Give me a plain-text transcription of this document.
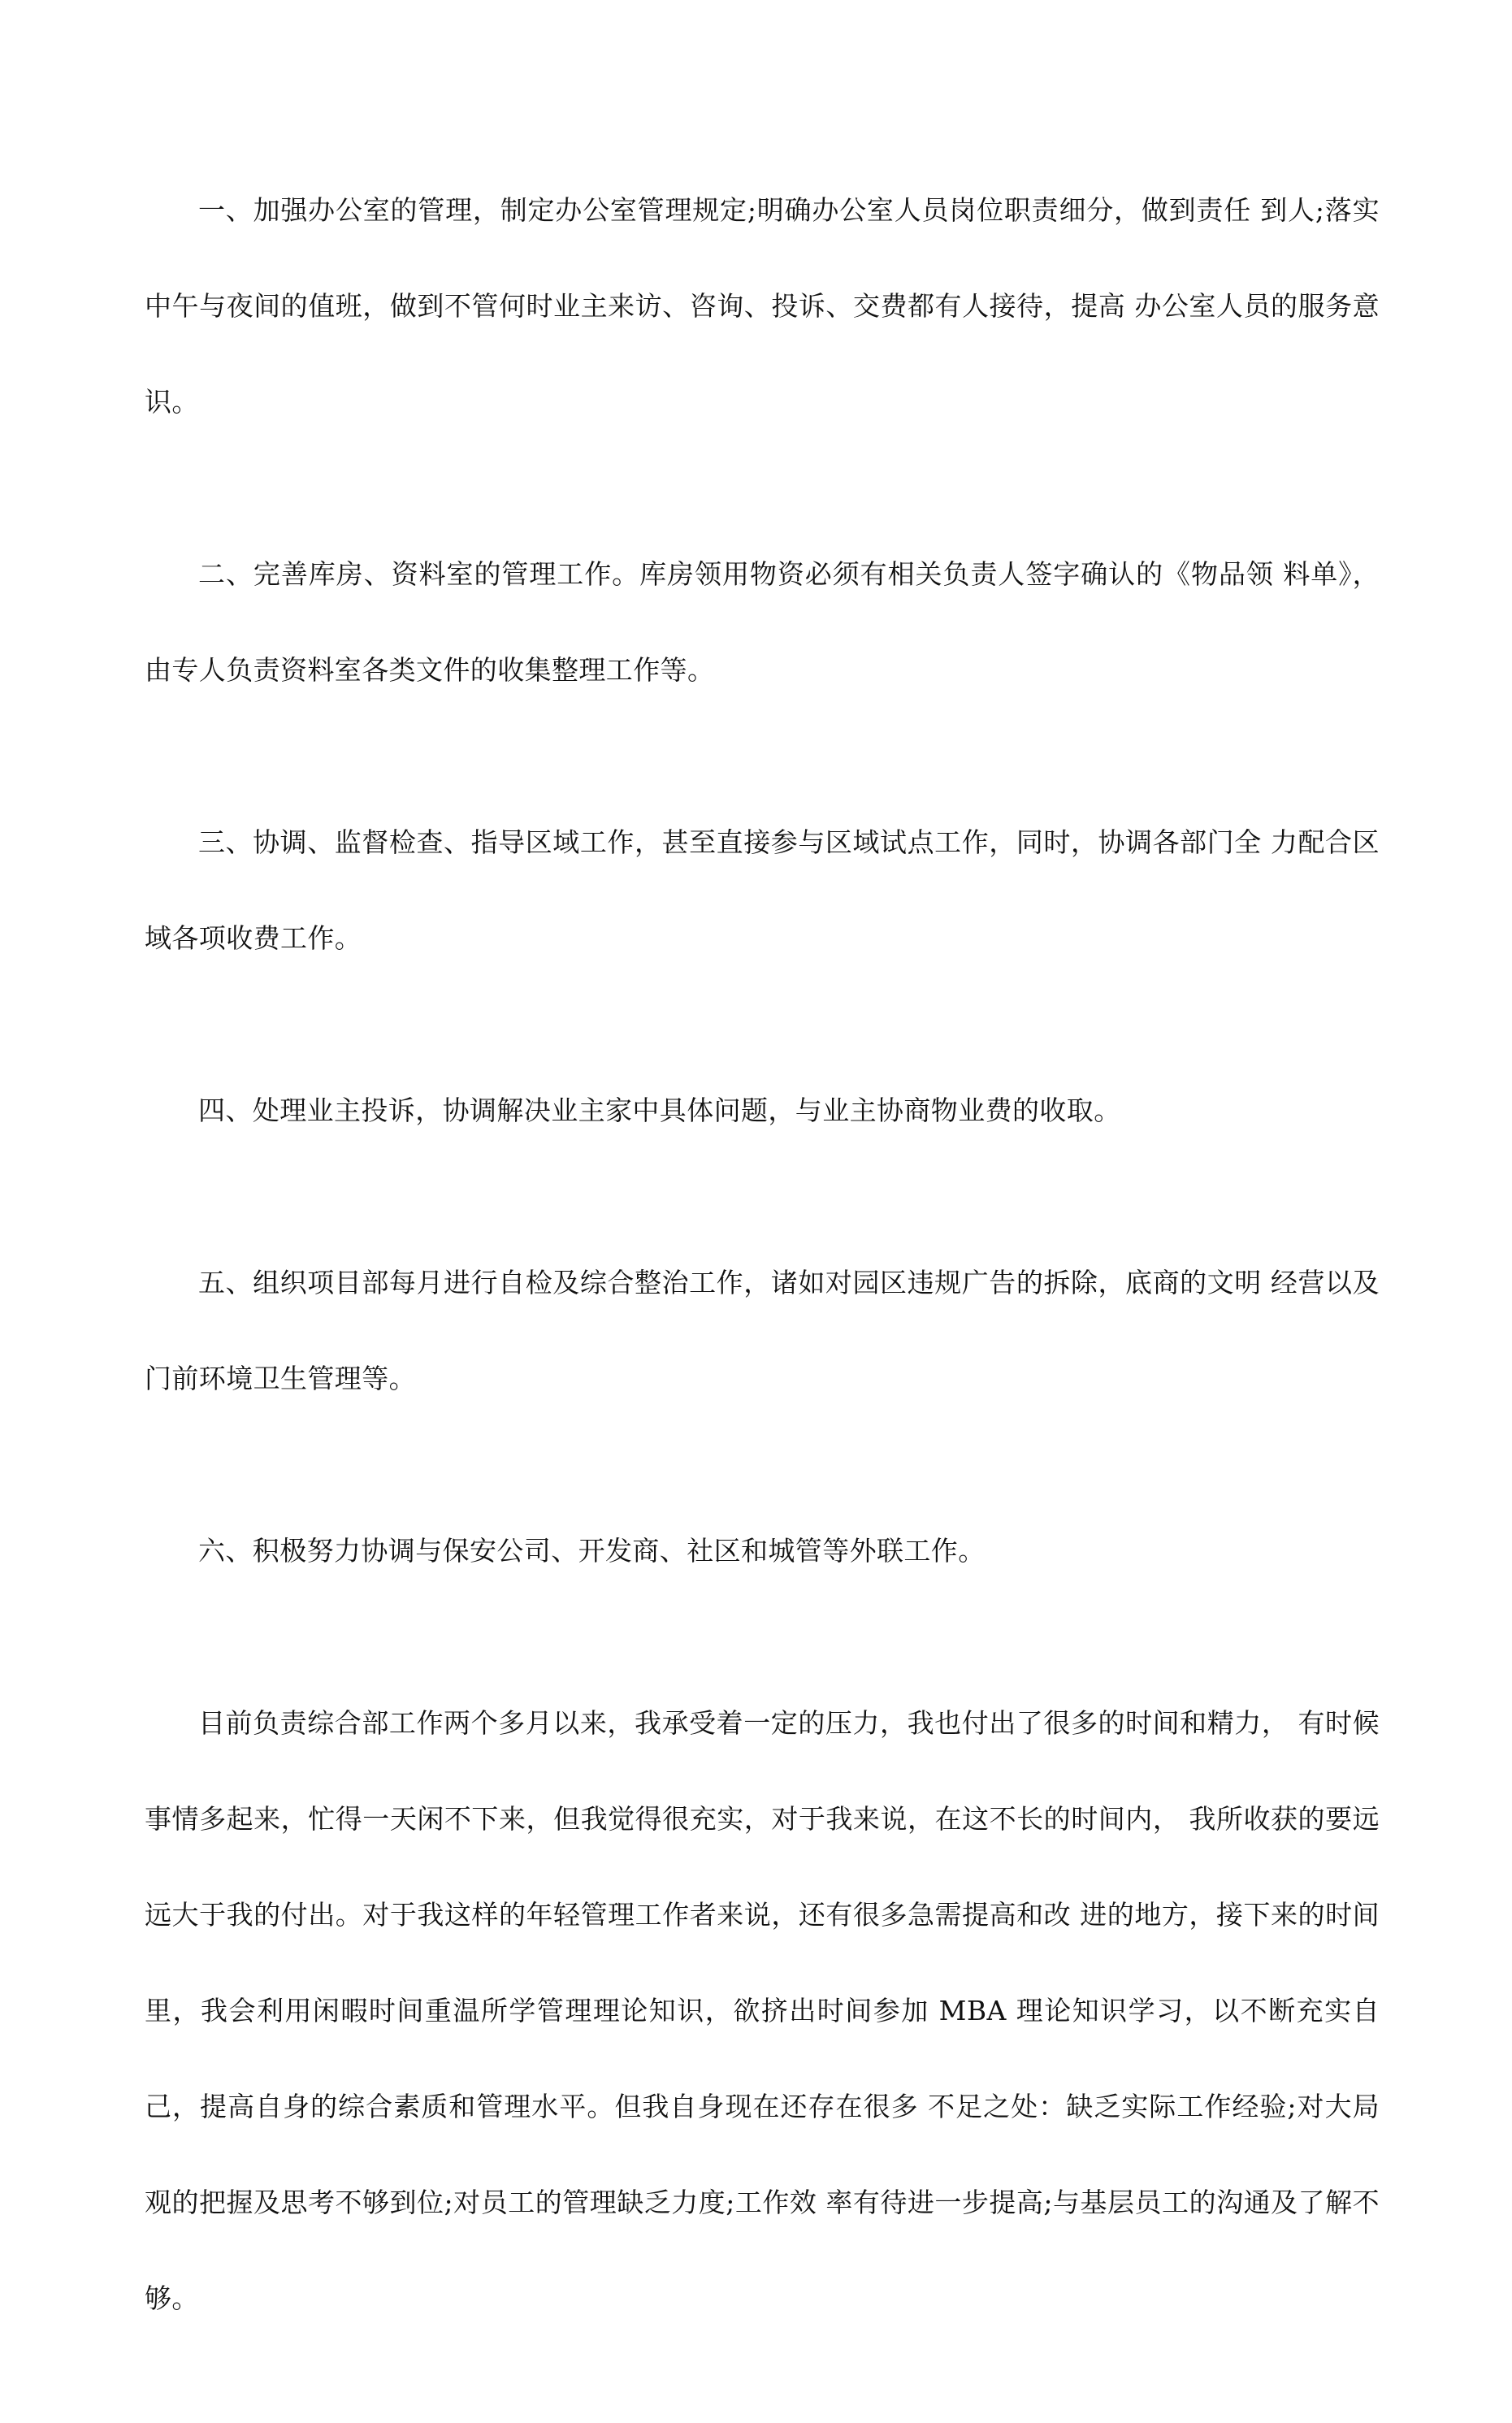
一、加强办公室的管理，制定办公室管理规定;明确办公室人员岗位职责细分，做到责任 到人;落实中午与夜间的值班，做到不管何时业主来访、咨询、投诉、交费都有人接待，提高 办公室人员的服务意识。

二、完善库房、资料室的管理工作。库房领用物资必须有相关负责人签字确认的《物品领 料单》，由专人负责资料室各类文件的收集整理工作等。

三、协调、监督检查、指导区域工作，甚至直接参与区域试点工作，同时，协调各部门全 力配合区域各项收费工作。

四、处理业主投诉，协调解决业主家中具体问题，与业主协商物业费的收取。

五、组织项目部每月进行自检及综合整治工作，诸如对园区违规广告的拆除，底商的文明 经营以及门前环境卫生管理等。

六、积极努力协调与保安公司、开发商、社区和城管等外联工作。

目前负责综合部工作两个多月以来，我承受着一定的压力，我也付出了很多的时间和精力， 有时候事情多起来，忙得一天闲不下来，但我觉得很充实，对于我来说，在这不长的时间内， 我所收获的要远远大于我的付出。对于我这样的年轻管理工作者来说，还有很多急需提高和改 进的地方，接下来的时间里，我会利用闲暇时间重温所学管理理论知识，欲挤出时间参加 MBA 理论知识学习，以不断充实自己，提高自身的综合素质和管理水平。但我自身现在还存在很多 不足之处：缺乏实际工作经验;对大局观的把握及思考不够到位;对员工的管理缺乏力度;工作效 率有待进一步提高;与基层员工的沟通及了解不够。
